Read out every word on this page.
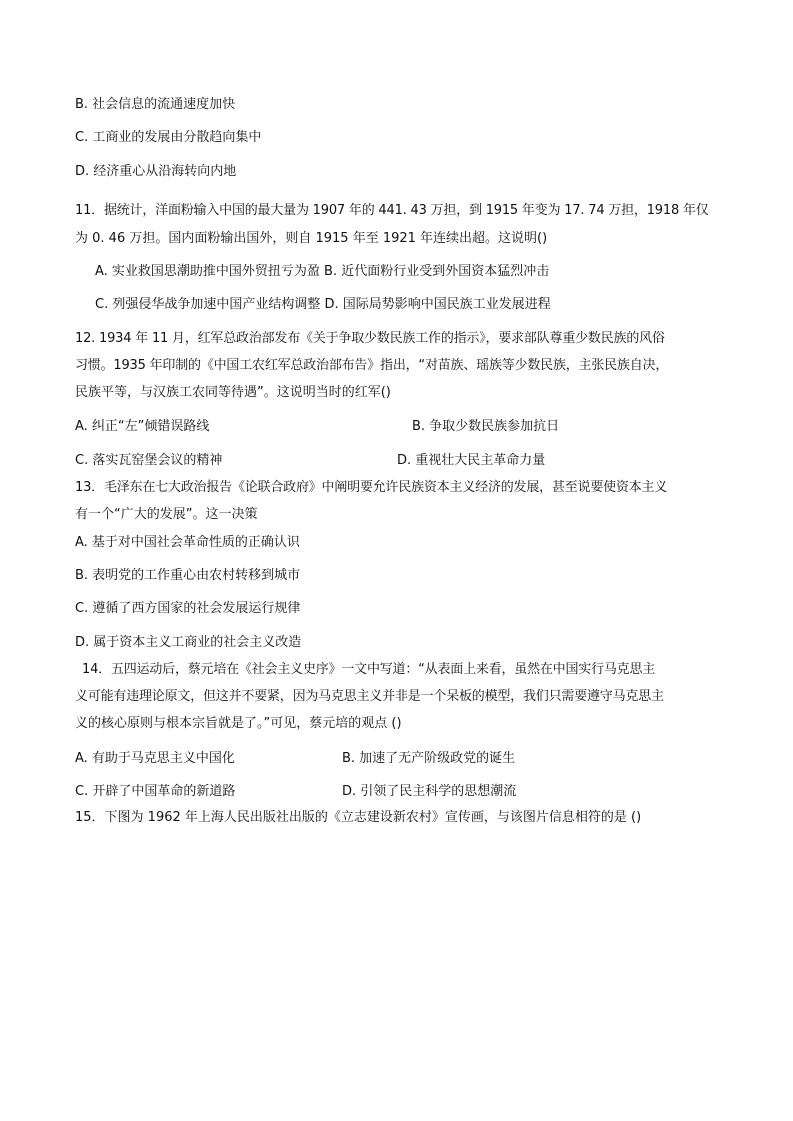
B. 社会信息的流通速度加快
C. 工商业的发展由分散趋向集中
D. 经济重心从沿海转向内地
11．据统计，洋面粉输入中国的最大量为 1907 年的 441. 43 万担，到 1915 年变为 17. 74 万担，1918 年仅
为 0. 46 万担。国内面粉输出国外，则自 1915 年至 1921 年连续出超。这说明()
A. 实业救国思潮助推中国外贸扭亏为盈 B. 近代面粉行业受到外国资本猛烈冲击
C. 列强侵华战争加速中国产业结构调整 D. 国际局势影响中国民族工业发展进程
12. 1934 年 11 月，红军总政治部发布《关于争取少数民族工作的指示》，要求部队尊重少数民族的风俗
习惯。1935 年印制的《中国工农红军总政治部布告》指出，“对苗族、瑶族等少数民族，主张民族自决，
民族平等，与汉族工农同等待遇”。这说明当时的红军()
A. 纠正“左”倾错误路线	B. 争取少数民族参加抗日
C. 落实瓦窑堡会议的精神	D. 重视壮大民主革命力量
13．毛泽东在七大政治报告《论联合政府》中阐明要允许民族资本主义经济的发展，甚至说要使资本主义
有一个“广大的发展”。这一决策
A. 基于对中国社会革命性质的正确认识
B. 表明党的工作重心由农村转移到城市
C. 遵循了西方国家的社会发展运行规律
D. 属于资本主义工商业的社会主义改造
14．五四运动后，蔡元培在《社会主义史序》一文中写道：“从表面上来看，虽然在中国实行马克思主
义可能有违理论原文，但这并不要紧，因为马克思主义并非是一个呆板的模型，我们只需要遵守马克思主
义的核心原则与根本宗旨就是了。”可见，蔡元培的观点 ()
A. 有助于马克思主义中国化	B. 加速了无产阶级政党的诞生
C. 开辟了中国革命的新道路	D. 引领了民主科学的思想潮流
15．下图为 1962 年上海人民出版社出版的《立志建设新农村》宣传画，与该图片信息相符的是 ()
